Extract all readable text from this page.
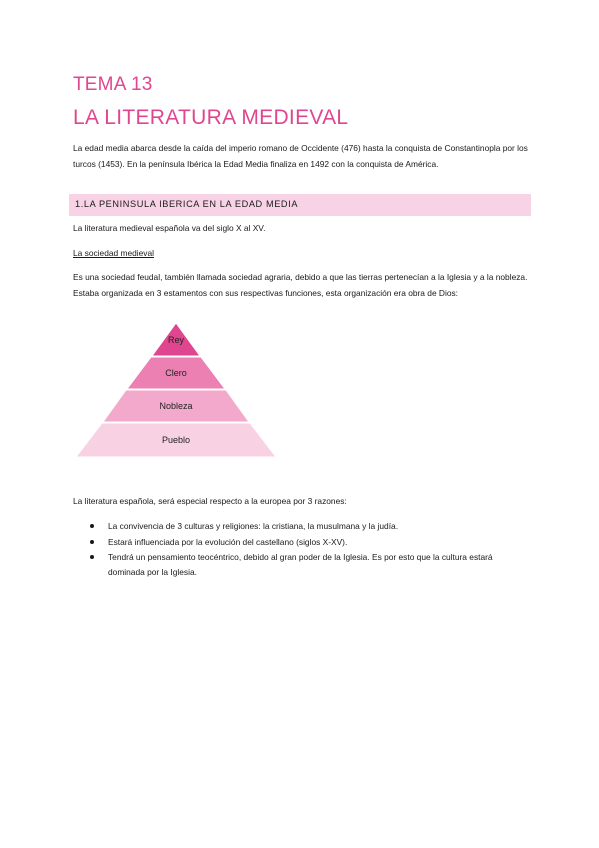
TEMA 13
LA LITERATURA MEDIEVAL
La edad media abarca desde la caída del imperio romano de Occidente (476) hasta la conquista de Constantinopla por los turcos (1453). En la península Ibérica la Edad Media finaliza en 1492 con la conquista de América.
1.LA PENINSULA IBERICA EN LA EDAD MEDIA
La literatura medieval española va del siglo X al XV.
La sociedad medieval
Es una sociedad feudal, también llamada sociedad agraria, debido a que las tierras pertenecían a la Iglesia y a la nobleza. Estaba organizada en 3 estamentos con sus respectivas funciones, esta organización era obra de Dios:
Rey
Clero
Nobleza
Pueblo
La literatura española, será especial respecto a la europea por 3 razones:
La convivencia de 3 culturas y religiones: la cristiana, la musulmana y la judía.
Estará influenciada por la evolución del castellano (siglos X-XV).
Tendrá un pensamiento teocéntrico, debido al gran poder de la Iglesia. Es por esto que la cultura estará dominada por la Iglesia.
